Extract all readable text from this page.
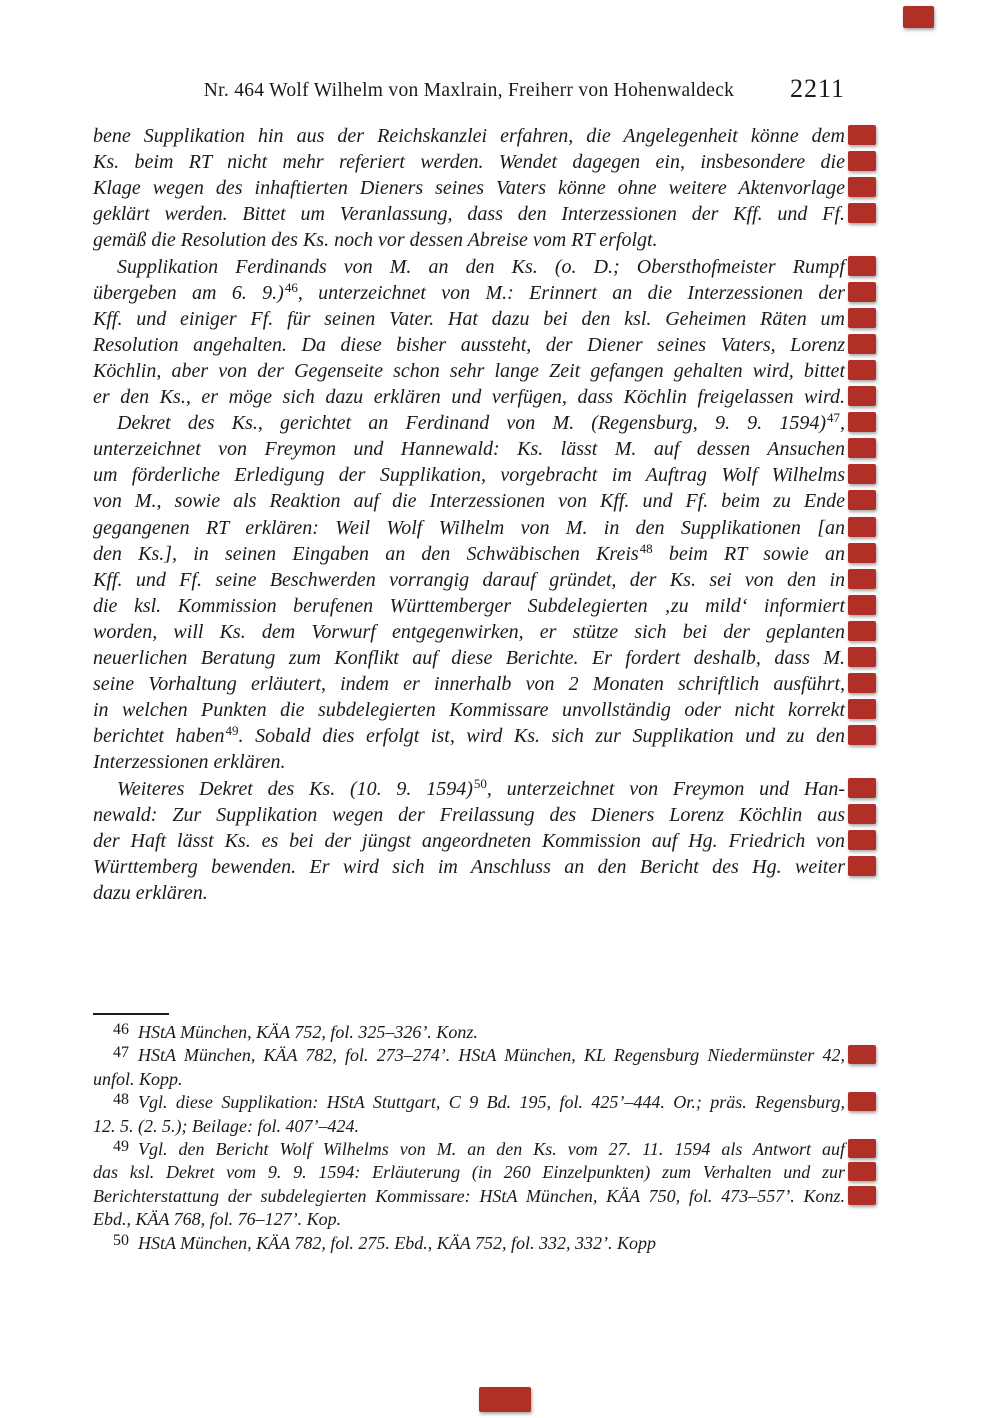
Nr. 464 Wolf Wilhelm von Maxlrain, Freiherr von Hohenwaldeck	2211
bene Supplikation hin aus der Reichskanzlei erfahren, die Angelegenheit könne dem
Ks. beim RT nicht mehr referiert werden. Wendet dagegen ein, insbesondere die
Klage wegen des inhaftierten Dieners seines Vaters könne ohne weitere Aktenvorlage
geklärt werden. Bittet um Veranlassung, dass den Interzessionen der Kff. und Ff.
gemäß die Resolution des Ks. noch vor dessen Abreise vom RT erfolgt.
Supplikation Ferdinands von M. an den Ks. (o. D.; Obersthofmeister Rumpf
übergeben am 6. 9.)$^{46}$, unterzeichnet von M.: Erinnert an die Interzessionen der
Kff. und einiger Ff. für seinen Vater. Hat dazu bei den ksl. Geheimen Räten um
Resolution angehalten. Da diese bisher aussteht, der Diener seines Vaters, Lorenz
Köchlin, aber von der Gegenseite schon sehr lange Zeit gefangen gehalten wird, bittet
er den Ks., er möge sich dazu erklären und verfügen, dass Köchlin freigelassen wird.
Dekret des Ks., gerichtet an Ferdinand von M. (Regensburg, 9. 9. 1594)$^{47}$,
unterzeichnet von Freymon und Hannewald: Ks. lässt M. auf dessen Ansuchen
um förderliche Erledigung der Supplikation, vorgebracht im Auftrag Wolf Wilhelms
von M., sowie als Reaktion auf die Interzessionen von Kff. und Ff. beim zu Ende
gegangenen RT erklären: Weil Wolf Wilhelm von M. in den Supplikationen [an
den Ks.], in seinen Eingaben an den Schwäbischen Kreis$^{48}$ beim RT sowie an
Kff. und Ff. seine Beschwerden vorrangig darauf gründet, der Ks. sei von den in
die ksl. Kommission berufenen Württemberger Subdelegierten ‚zu mild‘ informiert
worden, will Ks. dem Vorwurf entgegenwirken, er stütze sich bei der geplanten
neuerlichen Beratung zum Konflikt auf diese Berichte. Er fordert deshalb, dass M.
seine Vorhaltung erläutert, indem er innerhalb von 2 Monaten schriftlich ausführt,
in welchen Punkten die subdelegierten Kommissare unvollständig oder nicht korrekt
berichtet haben$^{49}$. Sobald dies erfolgt ist, wird Ks. sich zur Supplikation und zu den
Interzessionen erklären.
Weiteres Dekret des Ks. (10. 9. 1594)$^{50}$, unterzeichnet von Freymon und Han-
newald: Zur Supplikation wegen der Freilassung des Dieners Lorenz Köchlin aus
der Haft lässt Ks. es bei der jüngst angeordneten Kommission auf Hg. Friedrich von
Württemberg bewenden. Er wird sich im Anschluss an den Bericht des Hg. weiter
dazu erklären.
46 HStA München, KÄA 752, fol. 325–326’. Konz.
47 HStA München, KÄA 782, fol. 273–274’. HStA München, KL Regensburg Niedermünster 42,
unfol. Kopp.
48 Vgl. diese Supplikation: HStA Stuttgart, C 9 Bd. 195, fol. 425’–444. Or.; präs. Regensburg,
12. 5. (2. 5.); Beilage: fol. 407’–424.
49 Vgl. den Bericht Wolf Wilhelms von M. an den Ks. vom 27. 11. 1594 als Antwort auf
das ksl. Dekret vom 9. 9. 1594: Erläuterung (in 260 Einzelpunkten) zum Verhalten und zur
Berichterstattung der subdelegierten Kommissare: HStA München, KÄA 750, fol. 473–557’. Konz.
Ebd., KÄA 768, fol. 76–127’. Kop.
50 HStA München, KÄA 782, fol. 275. Ebd., KÄA 752, fol. 332, 332’. Kopp
